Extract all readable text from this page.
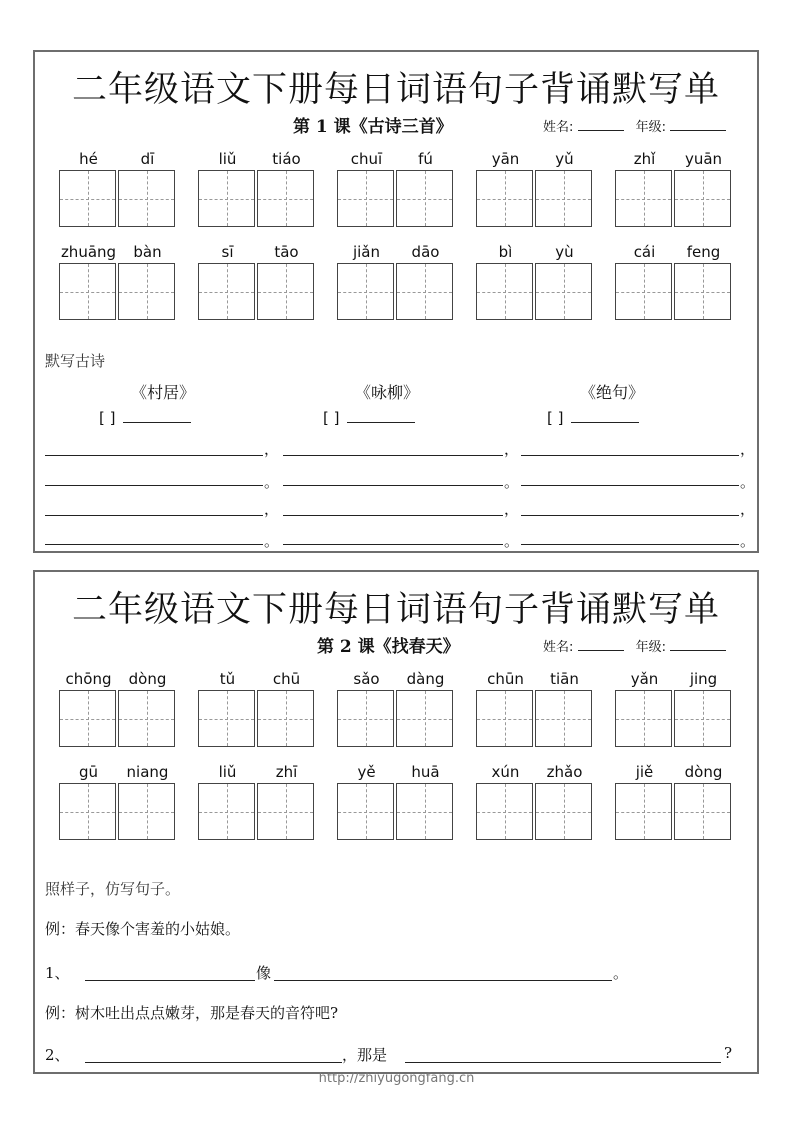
二年级语文下册每日词语句子背诵默写单
第 1 课《古诗三首》	姓名:	年级:
hé	dī	liǔ	tiáo	chuī	fú	yān	yǔ	zhǐ	yuān
zhuāng	bàn	sī	tāo	jiǎn	dāo	bì	yù	cái	feng
默写古诗
《村居》	《咏柳》	《绝句》
[ ]	[ ]	[ ]
，	，	，
。	。	。
，	，	，
。	。	。
二年级语文下册每日词语句子背诵默写单
第 2 课《找春天》	姓名:	年级:
chōng	dòng	tǔ	chū	sǎo	dàng	chūn	tiān	yǎn	jing
gū	niang	liǔ	zhī	yě	huā	xún	zhǎo	jiě	dòng
照样子，仿写句子。
例：春天像个害羞的小姑娘。
1、	像	。
例：树木吐出点点嫩芽，那是春天的音符吧?
2、	，那是	?
http://zhiyugongfang.cn
